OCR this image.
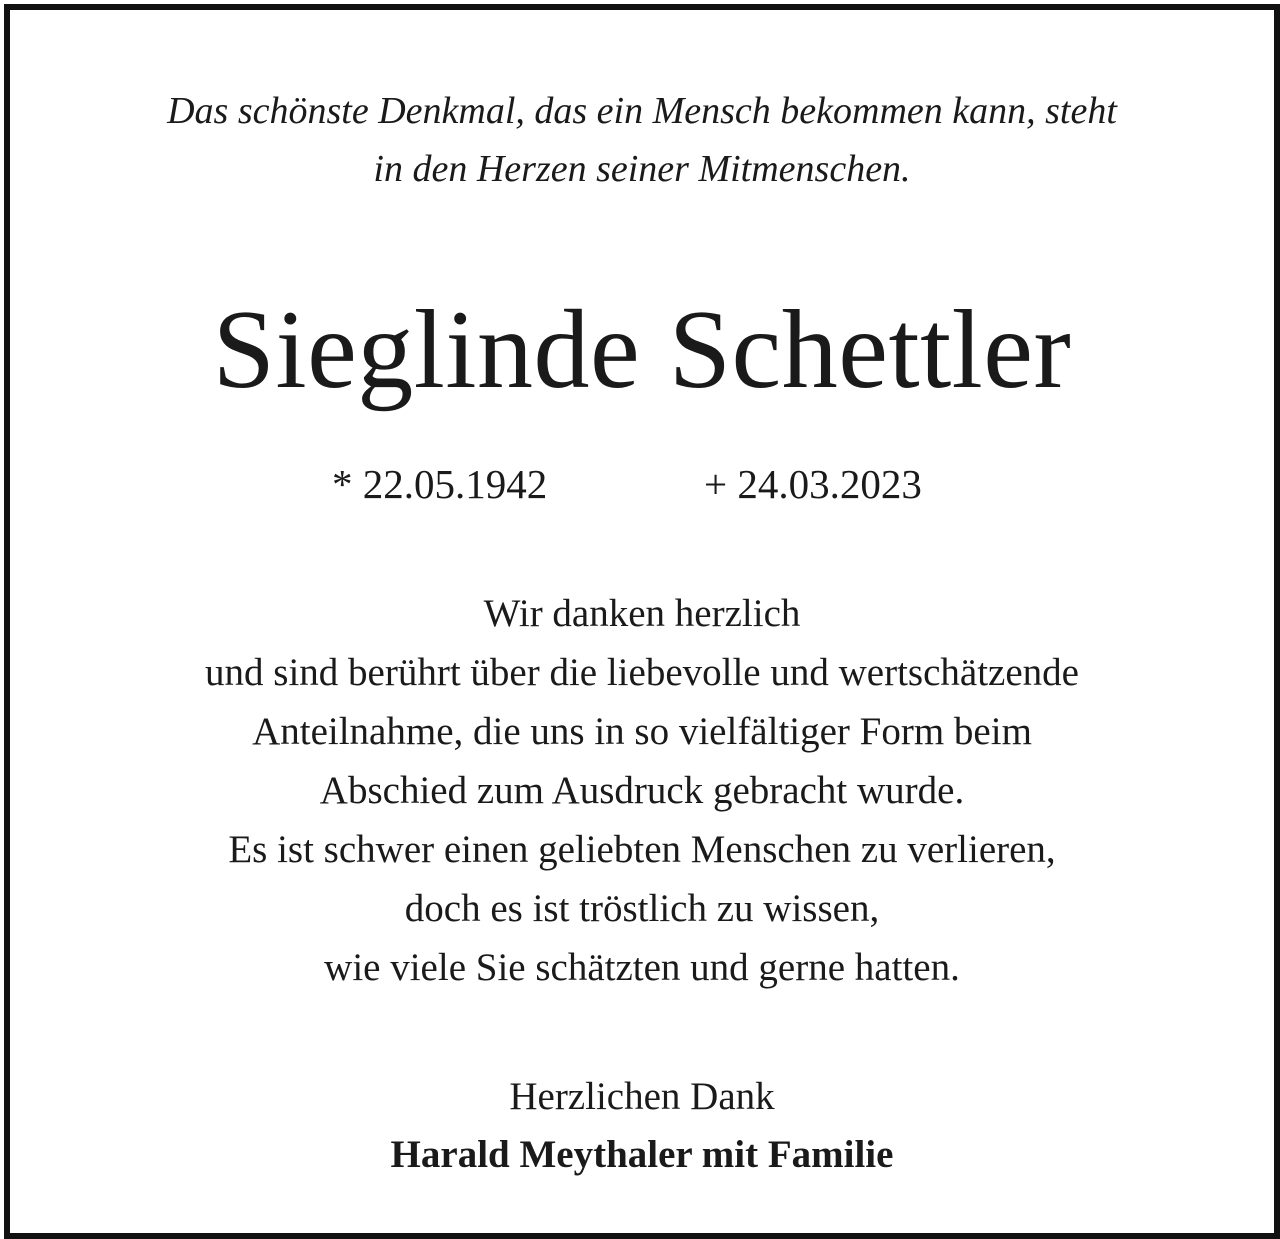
Das schönste Denkmal, das ein Mensch bekommen kann, steht
in den Herzen seiner Mitmenschen.
Sieglinde Schettler
* 22.05.1942	+ 24.03.2023
Wir danken herzlich
und sind berührt über die liebevolle und wertschätzende
Anteilnahme, die uns in so vielfältiger Form beim
Abschied zum Ausdruck gebracht wurde.
Es ist schwer einen geliebten Menschen zu verlieren,
doch es ist tröstlich zu wissen,
wie viele Sie schätzten und gerne hatten.
Herzlichen Dank
Harald Meythaler mit Familie
